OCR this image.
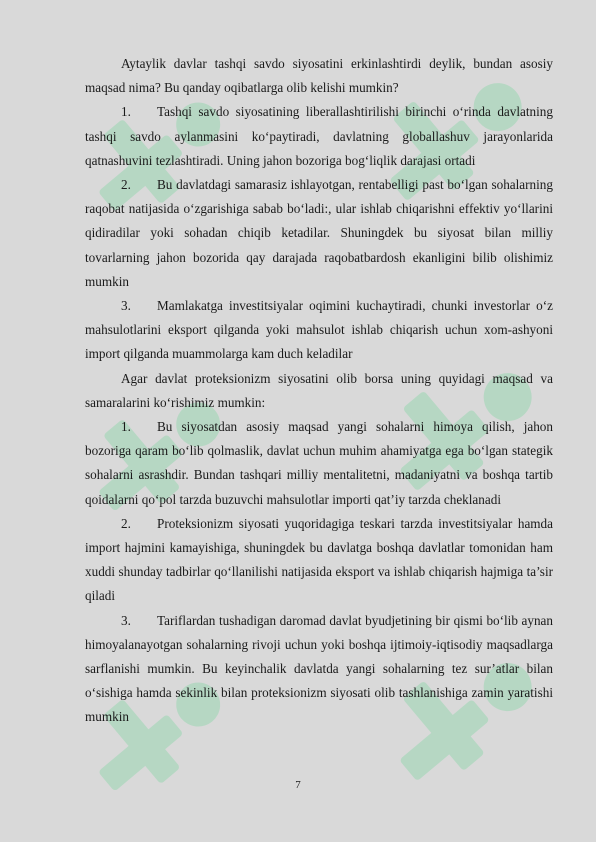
Aytaylik davlar tashqi savdo siyosatini erkinlashtirdi deylik, bundan asosiy maqsad nima? Bu qanday oqibatlarga olib kelishi mumkin?

1. Tashqi savdo siyosatining liberallashtirilishi birinchi o‘rinda davlatning tashqi savdo aylanmasini ko‘paytiradi, davlatning globallashuv jarayonlarida qatnashuvini tezlashtiradi. Uning jahon bozoriga bog‘liqlik darajasi ortadi

2. Bu davlatdagi samarasiz ishlayotgan, rentabelligi past bo‘lgan sohalarning raqobat natijasida o‘zgarishiga sabab bo‘ladi:, ular ishlab chiqarishni effektiv yo‘llarini qidiradilar yoki sohadan chiqib ketadilar. Shuningdek bu siyosat bilan milliy tovarlarning jahon bozorida qay darajada raqobatbardosh ekanligini bilib olishimiz mumkin

3. Mamlakatga investitsiyalar oqimini kuchaytiradi, chunki investorlar o‘z mahsulotlarini eksport qilganda yoki mahsulot ishlab chiqarish uchun xom-ashyoni import qilganda muammolarga kam duch keladilar

Agar davlat proteksionizm siyosatini olib borsa uning quyidagi maqsad va samaralarini ko‘rishimiz mumkin:

1. Bu siyosatdan asosiy maqsad yangi sohalarni himoya qilish, jahon bozoriga qaram bo‘lib qolmaslik, davlat uchun muhim ahamiyatga ega bo‘lgan stategik sohalarni asrashdir. Bundan tashqari milliy mentalitetni, madaniyatni va boshqa tartib qoidalarni qo‘pol tarzda buzuvchi mahsulotlar importi qat’iy tarzda cheklanadi

2. Proteksionizm siyosati yuqoridagiga teskari tarzda investitsiyalar hamda import hajmini kamayishiga, shuningdek bu davlatga boshqa davlatlar tomonidan ham xuddi shunday tadbirlar qo‘llanilishi natijasida eksport va ishlab chiqarish hajmiga ta’sir qiladi

3. Tariflardan tushadigan daromad davlat byudjetining bir qismi bo‘lib aynan himoyalanayotgan sohalarning rivoji uchun yoki boshqa ijtimoiy-iqtisodiy maqsadlarga sarflanishi mumkin. Bu keyinchalik davlatda yangi sohalarning tez sur’atlar bilan o‘sishiga hamda sekinlik bilan proteksionizm siyosati olib tashlanishiga zamin yaratishi mumkin

7
